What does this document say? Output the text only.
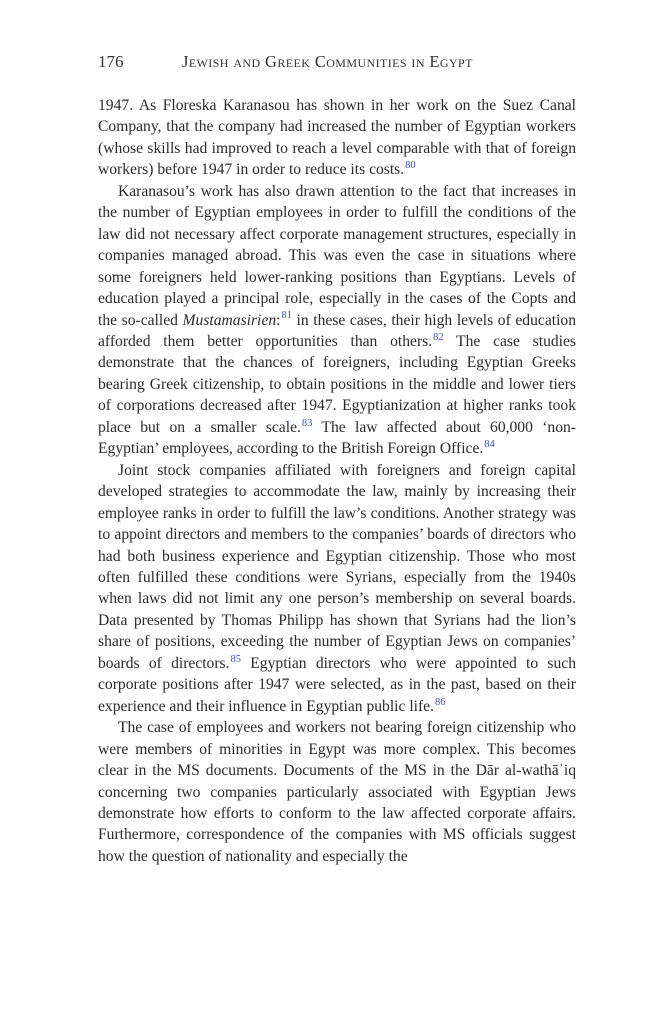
176	Jewish and Greek Communities in Egypt

1947. As Floreska Karanasou has shown in her work on the Suez Canal Company, that the company had increased the number of Egyptian workers (whose skills had improved to reach a level comparable with that of foreign workers) before 1947 in order to reduce its costs.$^{80}$

Karanasou’s work has also drawn attention to the fact that increases in the number of Egyptian employees in order to fulfill the conditions of the law did not necessary affect corporate management structures, especially in companies managed abroad. This was even the case in situations where some foreigners held lower-ranking positions than Egyptians. Levels of education played a principal role, especially in the cases of the Copts and the so-called Mustamasirien:$^{81}$ in these cases, their high levels of education afforded them better opportunities than others.$^{82}$ The case studies demonstrate that the chances of foreigners, including Egyptian Greeks bearing Greek citizenship, to obtain positions in the middle and lower tiers of corporations decreased after 1947. Egyptianization at higher ranks took place but on a smaller scale.$^{83}$ The law affected about 60,000 ‘non-Egyptian’ employees, according to the British Foreign Office.$^{84}$

Joint stock companies affiliated with foreigners and foreign capital developed strategies to accommodate the law, mainly by increasing their employee ranks in order to fulfill the law’s conditions. Another strategy was to appoint directors and members to the companies’ boards of directors who had both business experience and Egyptian citizenship. Those who most often fulfilled these conditions were Syrians, especially from the 1940s when laws did not limit any one person’s membership on several boards. Data presented by Thomas Philipp has shown that Syrians had the lion’s share of positions, exceeding the number of Egyptian Jews on companies’ boards of directors.$^{85}$ Egyptian directors who were appointed to such corporate positions after 1947 were selected, as in the past, based on their experience and their influence in Egyptian public life.$^{86}$

The case of employees and workers not bearing foreign citizenship who were members of minorities in Egypt was more complex. This becomes clear in the MS documents. Documents of the MS in the Dār al-wathāʾiq concerning two companies particularly associated with Egyptian Jews demonstrate how efforts to conform to the law affected corporate affairs. Furthermore, correspondence of the companies with MS officials suggest how the question of nationality and especially the
